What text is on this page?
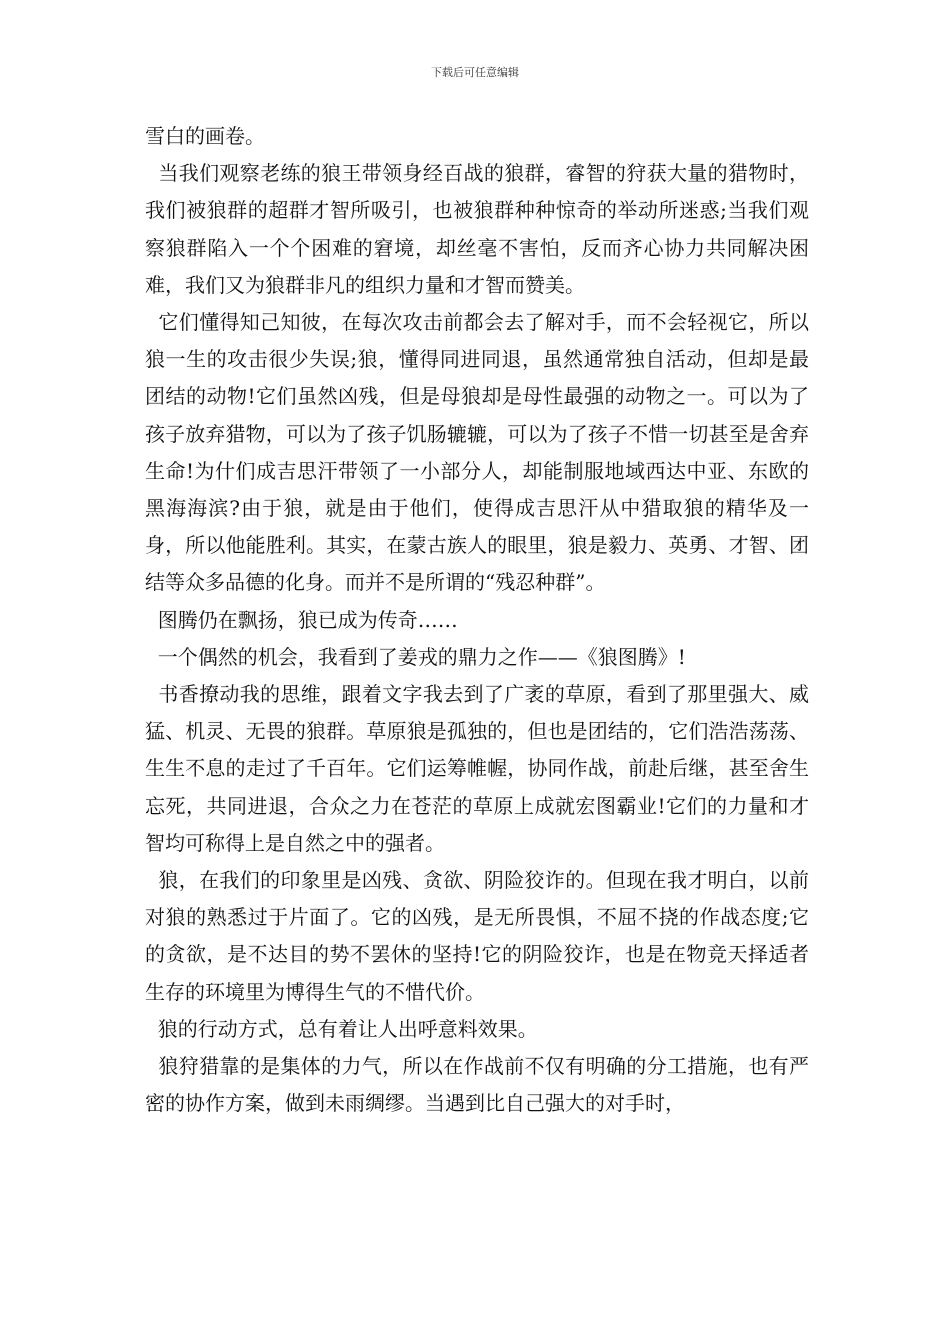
下载后可任意编辑

雪白的画卷。

当我们观察老练的狼王带领身经百战的狼群，睿智的狩获大量的猎物时，我们被狼群的超群才智所吸引，也被狼群种种惊奇的举动所迷惑;当我们观察狼群陷入一个个困难的窘境，却丝毫不害怕，反而齐心协力共同解决困难，我们又为狼群非凡的组织力量和才智而赞美。

它们懂得知己知彼，在每次攻击前都会去了解对手，而不会轻视它，所以狼一生的攻击很少失误;狼，懂得同进同退，虽然通常独自活动，但却是最团结的动物!它们虽然凶残，但是母狼却是母性最强的动物之一。可以为了孩子放弃猎物，可以为了孩子饥肠辘辘，可以为了孩子不惜一切甚至是舍弃生命!为什们成吉思汗带领了一小部分人，却能制服地域西达中亚、东欧的黑海海滨?由于狼，就是由于他们，使得成吉思汗从中猎取狼的精华及一身，所以他能胜利。其实，在蒙古族人的眼里，狼是毅力、英勇、才智、团结等众多品德的化身。而并不是所谓的“残忍种群”。

图腾仍在飘扬，狼已成为传奇……

一个偶然的机会，我看到了姜戎的鼎力之作——《狼图腾》!

书香撩动我的思维，跟着文字我去到了广袤的草原，看到了那里强大、威猛、机灵、无畏的狼群。草原狼是孤独的，但也是团结的，它们浩浩荡荡、生生不息的走过了千百年。它们运筹帷幄，协同作战，前赴后继，甚至舍生忘死，共同进退，合众之力在苍茫的草原上成就宏图霸业!它们的力量和才智均可称得上是自然之中的强者。

狼，在我们的印象里是凶残、贪欲、阴险狡诈的。但现在我才明白，以前对狼的熟悉过于片面了。它的凶残，是无所畏惧，不屈不挠的作战态度;它的贪欲，是不达目的势不罢休的坚持!它的阴险狡诈，也是在物竞天择适者生存的环境里为博得生气的不惜代价。

狼的行动方式，总有着让人出呼意料效果。

狼狩猎靠的是集体的力气，所以在作战前不仅有明确的分工措施，也有严密的协作方案，做到未雨绸缪。当遇到比自己强大的对手时，
